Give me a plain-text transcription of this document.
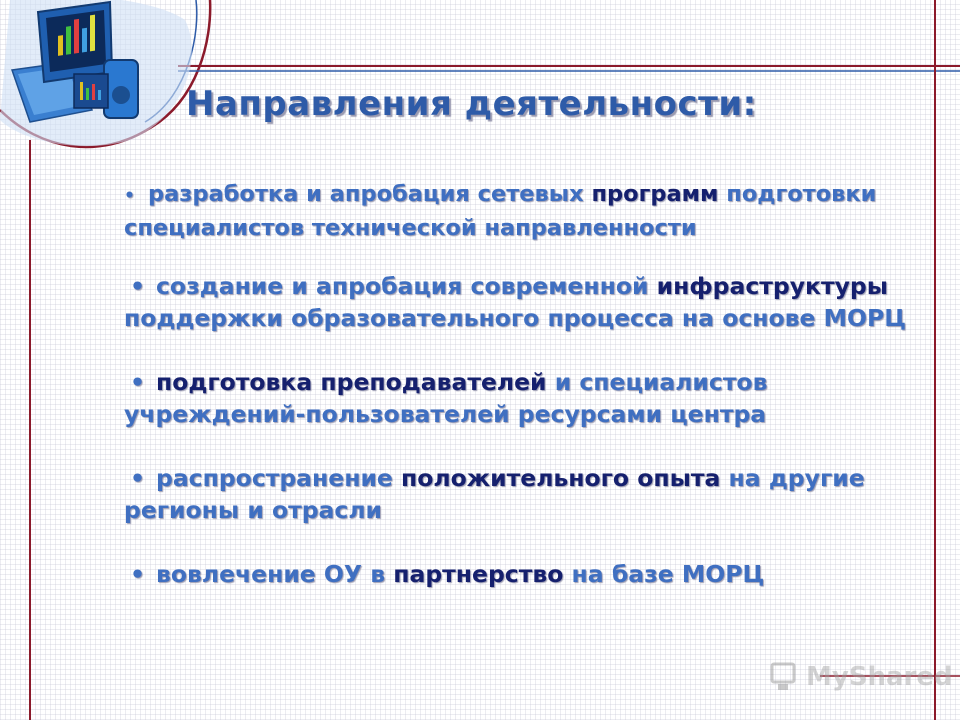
Направления деятельности:
• разработка и апробация сетевых программ подготовки специалистов технической направленности
• создание и апробация современной инфраструктуры поддержки образовательного процесса на основе МОРЦ
• подготовка преподавателей и специалистов учреждений-пользователей ресурсами центра
• распространение положительного опыта на другие регионы и отрасли
• вовлечение ОУ в партнерство на базе МОРЦ
MyShared
